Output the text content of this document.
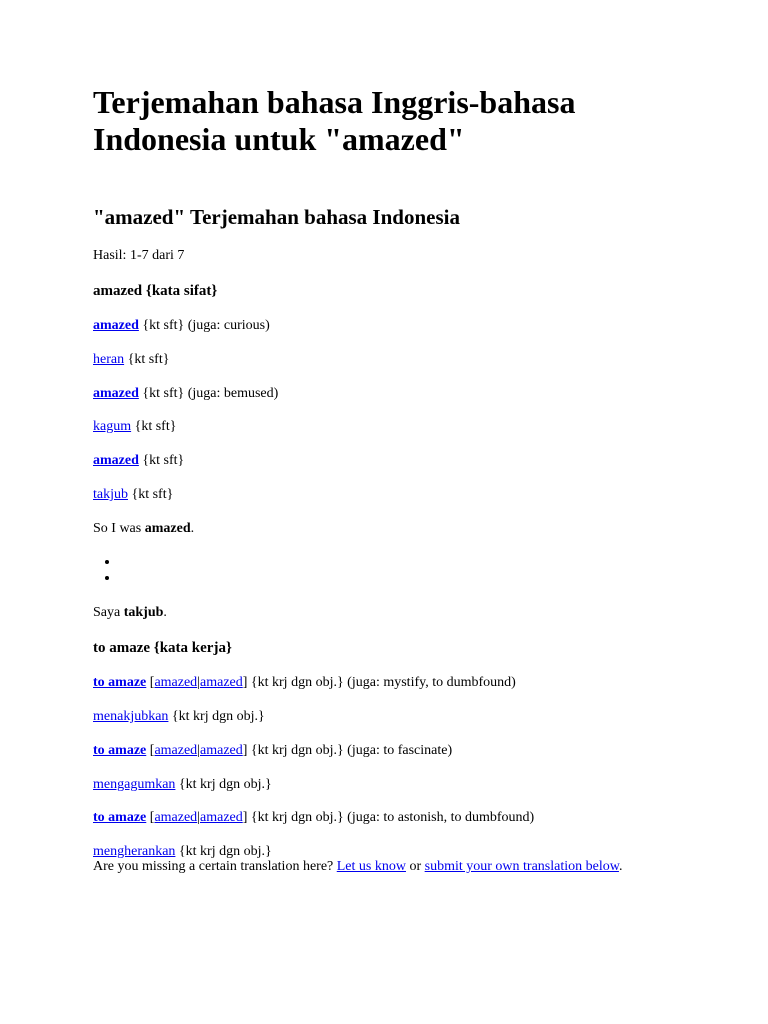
Terjemahan bahasa Inggris-bahasa Indonesia untuk "amazed"
"amazed" Terjemahan bahasa Indonesia
Hasil: 1-7 dari 7
amazed {kata sifat}
amazed {kt sft} (juga: curious)
heran {kt sft}
amazed {kt sft} (juga: bemused)
kagum {kt sft}
amazed {kt sft}
takjub {kt sft}
So I was amazed.
Saya takjub.
to amaze {kata kerja}
to amaze [amazed|amazed] {kt krj dgn obj.} (juga: mystify, to dumbfound)
menakjubkan {kt krj dgn obj.}
to amaze [amazed|amazed] {kt krj dgn obj.} (juga: to fascinate)
mengagumkan {kt krj dgn obj.}
to amaze [amazed|amazed] {kt krj dgn obj.} (juga: to astonish, to dumbfound)
mengherankan {kt krj dgn obj.}
Are you missing a certain translation here? Let us know or submit your own translation below.
